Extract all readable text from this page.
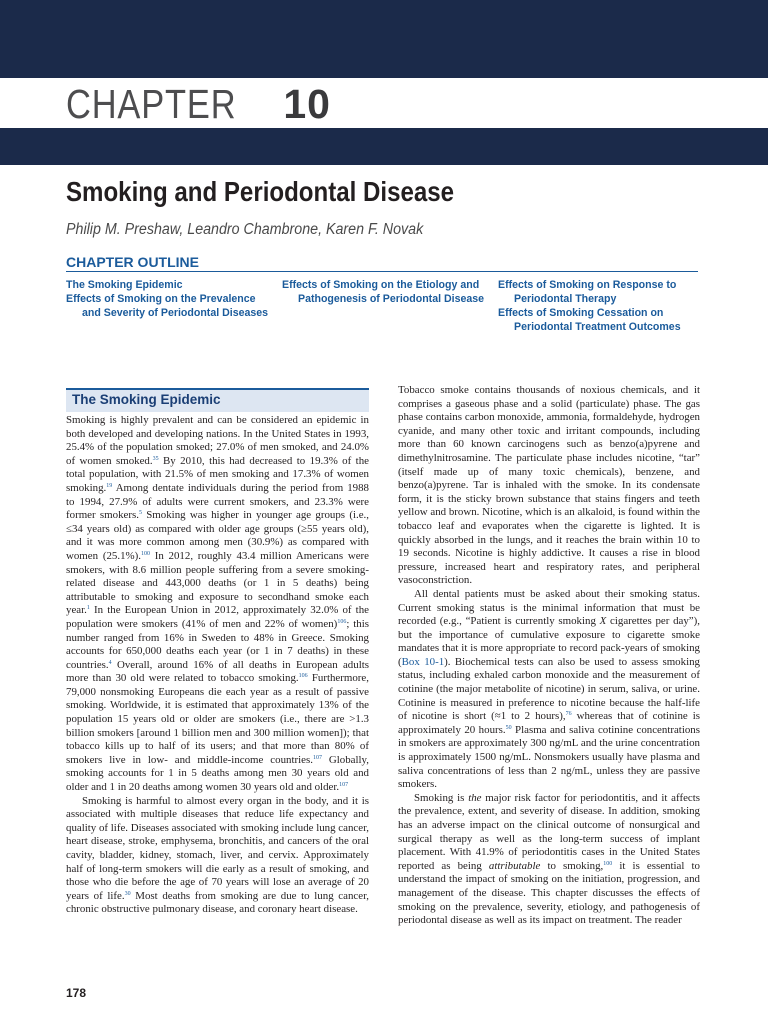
CHAPTER 10
Smoking and Periodontal Disease
Philip M. Preshaw, Leandro Chambrone, Karen F. Novak
CHAPTER OUTLINE
The Smoking Epidemic
Effects of Smoking on the Prevalence and Severity of Periodontal Diseases
Effects of Smoking on the Etiology and Pathogenesis of Periodontal Disease
Effects of Smoking on Response to Periodontal Therapy
Effects of Smoking Cessation on Periodontal Treatment Outcomes
The Smoking Epidemic

Smoking is highly prevalent and can be considered an epidemic in both developed and developing nations. In the United States in 1993, 25.4% of the population smoked; 27.0% of men smoked, and 24.0% of women smoked.$^{35}$ By 2010, this had decreased to 19.3% of the total population, with 21.5% of men smoking and 17.3% of women smoking.$^{19}$ Among dentate individuals during the period from 1988 to 1994, 27.9% of adults were current smokers, and 23.3% were former smokers.$^5$ Smoking was higher in younger age groups (i.e., ≤34 years old) as compared with older age groups (≥55 years old), and it was more common among men (30.9%) as compared with women (25.1%).$^{100}$ In 2012, roughly 43.4 million Americans were smokers, with 8.6 million people suffering from a severe smoking-related disease and 443,000 deaths (or 1 in 5 deaths) being attributable to smoking and exposure to secondhand smoke each year.$^1$ In the European Union in 2012, approximately 32.0% of the population were smokers (41% of men and 22% of women)$^{106}$; this number ranged from 16% in Sweden to 48% in Greece. Smoking accounts for 650,000 deaths each year (or 1 in 7 deaths) in these countries.$^4$ Overall, around 16% of all deaths in European adults more than 30 old were related to tobacco smoking.$^{106}$ Furthermore, 79,000 nonsmoking Europeans die each year as a result of passive smoking. Worldwide, it is estimated that approximately 13% of the population 15 years old or older are smokers (i.e., there are >1.3 billion smokers [around 1 billion men and 300 million women]); that tobacco kills up to half of its users; and that more than 80% of smokers live in low- and middle-income countries.$^{107}$ Globally, smoking accounts for 1 in 5 deaths among men 30 years old and older and 1 in 20 deaths among women 30 years old and older.$^{107}$

Smoking is harmful to almost every organ in the body, and it is associated with multiple diseases that reduce life expectancy and quality of life. Diseases associated with smoking include lung cancer, heart disease, stroke, emphysema, bronchitis, and cancers of the oral cavity, bladder, kidney, stomach, liver, and cervix. Approximately half of long-term smokers will die early as a result of smoking, and those who die before the age of 70 years will lose an average of 20 years of life.$^{30}$ Most deaths from smoking are due to lung cancer, chronic obstructive pulmonary disease, and coronary heart disease.

Tobacco smoke contains thousands of noxious chemicals, and it comprises a gaseous phase and a solid (particulate) phase. The gas phase contains carbon monoxide, ammonia, formaldehyde, hydrogen cyanide, and many other toxic and irritant compounds, including more than 60 known carcinogens such as benzo(a)pyrene and dimethylnitrosamine. The particulate phase includes nicotine, “tar” (itself made up of many toxic chemicals), benzene, and benzo(a)pyrene. Tar is inhaled with the smoke. In its condensate form, it is the sticky brown substance that stains fingers and teeth yellow and brown. Nicotine, which is an alkaloid, is found within the tobacco leaf and evaporates when the cigarette is lighted. It is quickly absorbed in the lungs, and it reaches the brain within 10 to 19 seconds. Nicotine is highly addictive. It causes a rise in blood pressure, increased heart and respiratory rates, and peripheral vasoconstriction.

All dental patients must be asked about their smoking status. Current smoking status is the minimal information that must be recorded (e.g., “Patient is currently smoking X cigarettes per day”), but the importance of cumulative exposure to cigarette smoke mandates that it is more appropriate to record pack-years of smoking (Box 10-1). Biochemical tests can also be used to assess smoking status, including exhaled carbon monoxide and the measurement of cotinine (the major metabolite of nicotine) in serum, saliva, or urine. Cotinine is measured in preference to nicotine because the half-life of nicotine is short (≈1 to 2 hours),$^{76}$ whereas that of cotinine is approximately 20 hours.$^{50}$ Plasma and saliva cotinine concentrations in smokers are approximately 300 ng/mL and the urine concentration is approximately 1500 ng/mL. Nonsmokers usually have plasma and saliva concentrations of less than 2 ng/mL, unless they are passive smokers.

Smoking is the major risk factor for periodontitis, and it affects the prevalence, extent, and severity of disease. In addition, smoking has an adverse impact on the clinical outcome of nonsurgical and surgical therapy as well as the long-term success of implant placement. With 41.9% of periodontitis cases in the United States reported as being attributable to smoking,$^{100}$ it is essential to understand the impact of smoking on the initiation, progression, and management of the disease. This chapter discusses the effects of smoking on the prevalence, severity, etiology, and pathogenesis of periodontal disease as well as its impact on treatment. The reader

178
